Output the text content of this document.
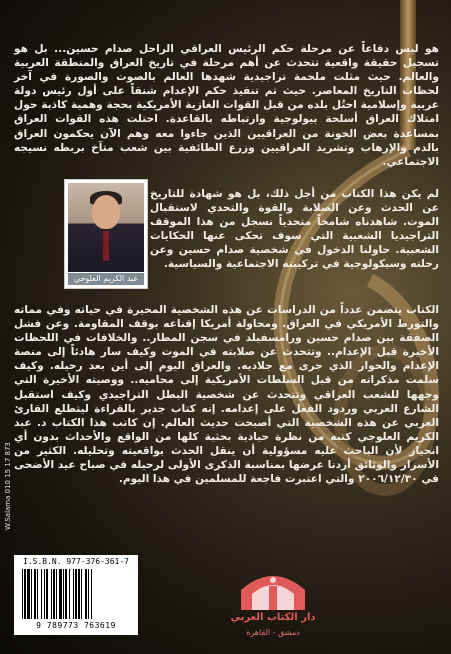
هو ليس دفاعاً عن مرحلة حكم الرئيس العراقي الراحل صدام حسين... بل هو تسجيل حقيقة واقعية تتحدث عن أهم مرحلة في تاريخ العراق والمنطقة العربية والعالم. حيث مثلت ملحمة تراجيدية شهدها العالم بالصوت والصورة في آخر لحظات التاريخ المعاصر. حيث تم تنفيذ حكم الإعدام شنقاً على أول رئيس دولة عربية وإسلامية احتُل بلده من قبل القوات الغازية الأمريكية بحجة وهمية كاذبة حول امتلاك العراق أسلحة بيولوجية وارتباطه بالقاعدة. احتلت هذه القوات العراق بمساعدة بعض الخونة من العراقيين الذين جاءوا معه وهم الآن يحكمون العراق بالدم والإرهاب وتشريد العراقيين وزرع الطائفية بين شعب متآخ بربطه نسيجه الاجتماعي.

عبد الكريم العلوجي

لم يكن هذا الكتاب من أجل ذلك، بل هو شهادة للتاريخ عن الحدث وعن الصلابة والقوة والتحدي لاستقبال الموت. شاهدناه شامخاً متحدياً نسجل من هذا الموقف التراجيديا الشعبية التي سوف تحكى عنها الحكايات الشعبية. حاولنا الدخول في شخصية صدام حسين وعن رحلته وسيكولوجية في تركيبته الاجتماعية والسياسية.

الكتاب يتضمن عدداً من الدراسات عن هذه الشخصية المحيرة في حياته وفي مماته والتورط الأمريكي في العراق. ومحاولة أمريكا إقناعه بوقف المقاومة. وعن فشل الصفقة بين صدام حسين ورامسفيلد في سجن المطار.. والخلافات في اللحظات الأخيرة قبل الإعدام.. وتتحدث عن صلابته في الموت وكيف سار هادئاً إلى منصة الإعدام والحوار الذي جرى مع جلاديه. والعراق اليوم إلى أين بعد رحيله. وكيف سلمت مذكراته من قبل السلطات الأمريكية إلى محاميه.. ووصيته الأخيرة التي وجهها للشعب العراقي وتتحدث عن شخصية البطل التراجيدي وكيف استقبل الشارع العربي وردود الفعل على إعدامه. إنه كتاب جدير بالقراءة ليتطلع القارئ العربي عن هذه الشخصية التي أصبحت حديث العالم. إن كاتب هذا الكتاب د. عبد الكريم العلوجي كتبه من نظرة حيادية بحثية كلها من الواقع والأحداث بدون أي انحياز لأن الباحث عليه مسؤولية أن ينقل الحدث بواقعيته وتحليله. الكثير من الأسرار والوثائق أردنا عرضها بمناسبة الذكرى الأولى لرحيله في صباح عيد الأضحى في ٢٠٠٦/١٢/٣٠ والتي اعتبرت فاجعة للمسلمين في هذا اليوم.

W.Salama 010 15 17 873
I.S.B.N. 977-376-361-7
9 789773 763619
دار الكتاب العربي
دمشق - القاهرة
